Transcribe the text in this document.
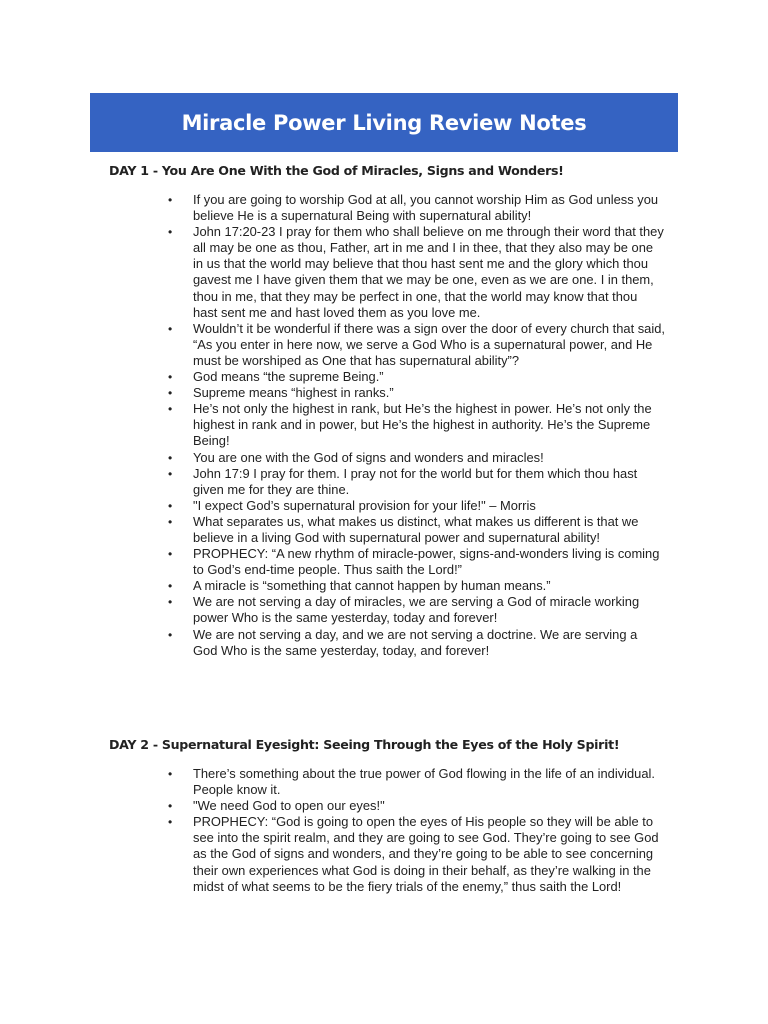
Miracle Power Living Review Notes
DAY 1 - You Are One With the God of Miracles, Signs and Wonders!
• If you are going to worship God at all, you cannot worship Him as God unless you believe He is a supernatural Being with supernatural ability!
• John 17:20-23 I pray for them who shall believe on me through their word that they all may be one as thou, Father, art in me and I in thee, that they also may be one in us that the world may believe that thou hast sent me and the glory which thou gavest me I have given them that we may be one, even as we are one. I in them, thou in me, that they may be perfect in one, that the world may know that thou hast sent me and hast loved them as you love me.
• Wouldn’t it be wonderful if there was a sign over the door of every church that said, “As you enter in here now, we serve a God Who is a supernatural power, and He must be worshiped as One that has supernatural ability”?
• God means “the supreme Being.”
• Supreme means “highest in ranks.”
• He’s not only the highest in rank, but He’s the highest in power. He’s not only the highest in rank and in power, but He’s the highest in authority. He’s the Supreme Being!
• You are one with the God of signs and wonders and miracles!
• John 17:9 I pray for them. I pray not for the world but for them which thou hast given me for they are thine.
• "I expect God’s supernatural provision for your life!" – Morris
• What separates us, what makes us distinct, what makes us different is that we believe in a living God with supernatural power and supernatural ability!
• PROPHECY: “A new rhythm of miracle-power, signs-and-wonders living is coming to God’s end-time people. Thus saith the Lord!”
• A miracle is “something that cannot happen by human means.”
• We are not serving a day of miracles, we are serving a God of miracle working power Who is the same yesterday, today and forever!
• We are not serving a day, and we are not serving a doctrine. We are serving a God Who is the same yesterday, today, and forever!
DAY 2 - Supernatural Eyesight: Seeing Through the Eyes of the Holy Spirit!
• There’s something about the true power of God flowing in the life of an individual. People know it.
• "We need God to open our eyes!"
• PROPHECY: “God is going to open the eyes of His people so they will be able to see into the spirit realm, and they are going to see God. They’re going to see God as the God of signs and wonders, and they’re going to be able to see concerning their own experiences what God is doing in their behalf, as they’re walking in the midst of what seems to be the fiery trials of the enemy,” thus saith the Lord!
